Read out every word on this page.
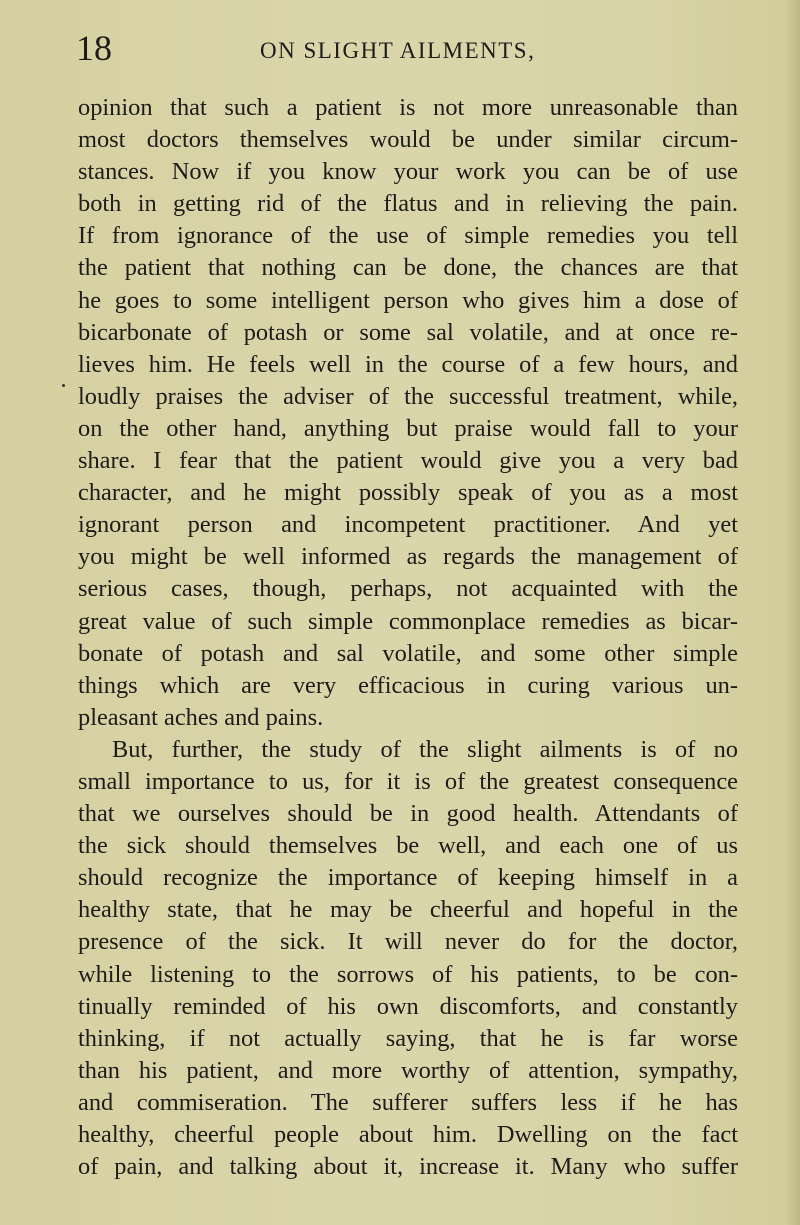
18	ON SLIGHT AILMENTS,
opinion that such a patient is not more unreasonable than
most doctors themselves would be under similar circum-
stances. Now if you know your work you can be of use
both in getting rid of the flatus and in relieving the pain.
If from ignorance of the use of simple remedies you tell
the patient that nothing can be done, the chances are that
he goes to some intelligent person who gives him a dose of
bicarbonate of potash or some sal volatile, and at once re-
lieves him. He feels well in the course of a few hours, and
loudly praises the adviser of the successful treatment, while,
on the other hand, anything but praise would fall to your
share. I fear that the patient would give you a very bad
character, and he might possibly speak of you as a most
ignorant person and incompetent practitioner. And yet
you might be well informed as regards the management of
serious cases, though, perhaps, not acquainted with the
great value of such simple commonplace remedies as bicar-
bonate of potash and sal volatile, and some other simple
things which are very efficacious in curing various un-
pleasant aches and pains.
But, further, the study of the slight ailments is of no
small importance to us, for it is of the greatest consequence
that we ourselves should be in good health. Attendants of
the sick should themselves be well, and each one of us
should recognize the importance of keeping himself in a
healthy state, that he may be cheerful and hopeful in the
presence of the sick. It will never do for the doctor,
while listening to the sorrows of his patients, to be con-
tinually reminded of his own discomforts, and constantly
thinking, if not actually saying, that he is far worse
than his patient, and more worthy of attention, sympathy,
and commiseration. The sufferer suffers less if he has
healthy, cheerful people about him. Dwelling on the fact
of pain, and talking about it, increase it. Many who suffer
